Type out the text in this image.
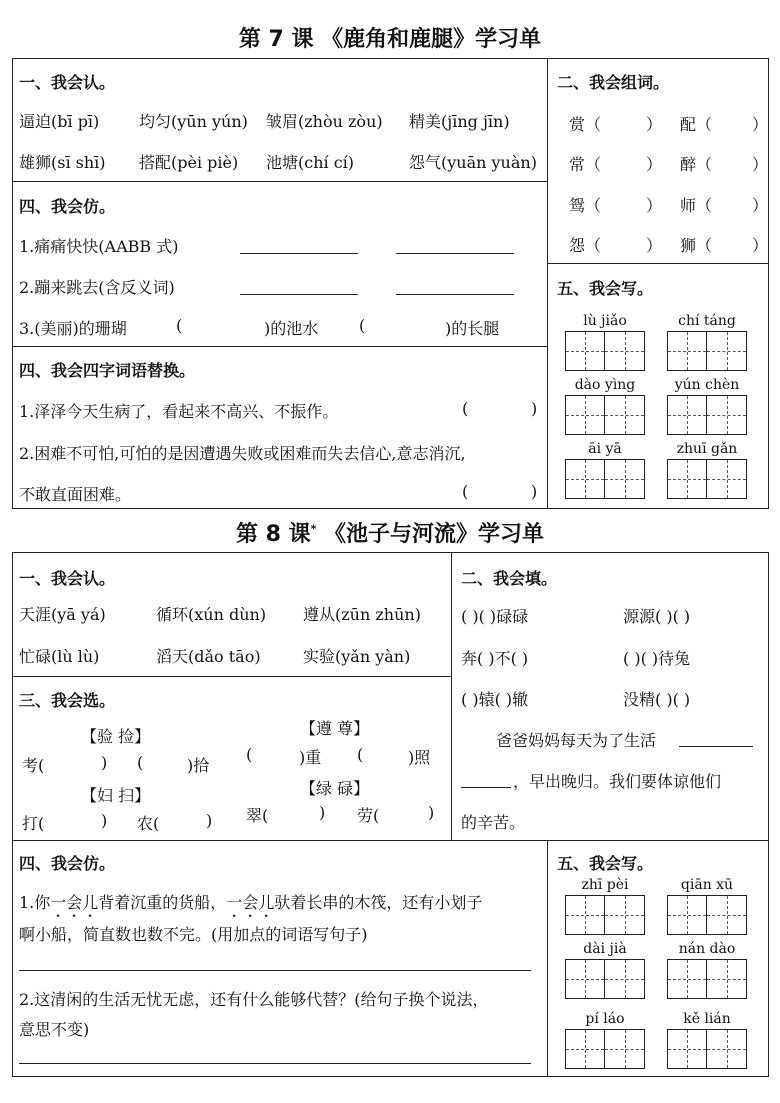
第 7 课 《鹿角和鹿腿》学习单
一、我会认。
逼迫(bī pī) 均匀(yūn yún) 皱眉(zhòu zòu) 精美(jīng jīn)
雄狮(sī shī) 搭配(pèi piè) 池塘(chí cí)	怨气(yuān yuàn)
二、我会组词。
赏（	） 配（ ）
常（	） 醉（ ）
鸳（	） 师（ ）
怨（	） 狮（ ）
四、我会仿。
1.痛痛快快(AABB 式)
2.蹦来跳去(含反义词)
3.(美丽)的珊瑚	(	)的池水	(	)的长腿
四、我会四字词语替换。
1.泽泽今天生病了，看起来不高兴、不振作。	(	)
2.困难不可怕,可怕的是因遭遇失败或困难而失去信心,意志消沉,
不敢直面困难。	(	)
五、我会写。
lù jiǎo	chí táng
dào yìng	yún chèn
āi yā	zhuī gǎn
第 8 课* 《池子与河流》学习单
一、我会认。
天涯(yā yá)	循环(xún dùn) 遵从(zūn zhūn)
忙碌(lù lù)	滔天(dǎo tāo)	实验(yǎn yàn)
三、我会选。
【验 捡】	【遵 尊】
考(	) (	)拾
(	)重 (	)照
【妇 扫】	【绿 碌】
打(	) 农(	) 翠(	) 劳(	)
二、我会填。
( )( )碌碌	源源( )( )
奔( )不( )	( )( )待兔
( )辕( )辙	没精( )( )
爸爸妈妈每天为了生活
，早出晚归。我们要体谅他们
的辛苦。
四、我会仿。
1.你一会儿背着沉重的货船，一会儿驮着长串的木筏，还有小划子
啊小船，简直数也数不完。(用加点的词语写句子)
2.这清闲的生活无忧无虑，还有什么能够代替？(给句子换个说法，
意思不变)
五、我会写。
zhī pèi	qiān xū
dài jià	nán dào
pí láo	kě lián
